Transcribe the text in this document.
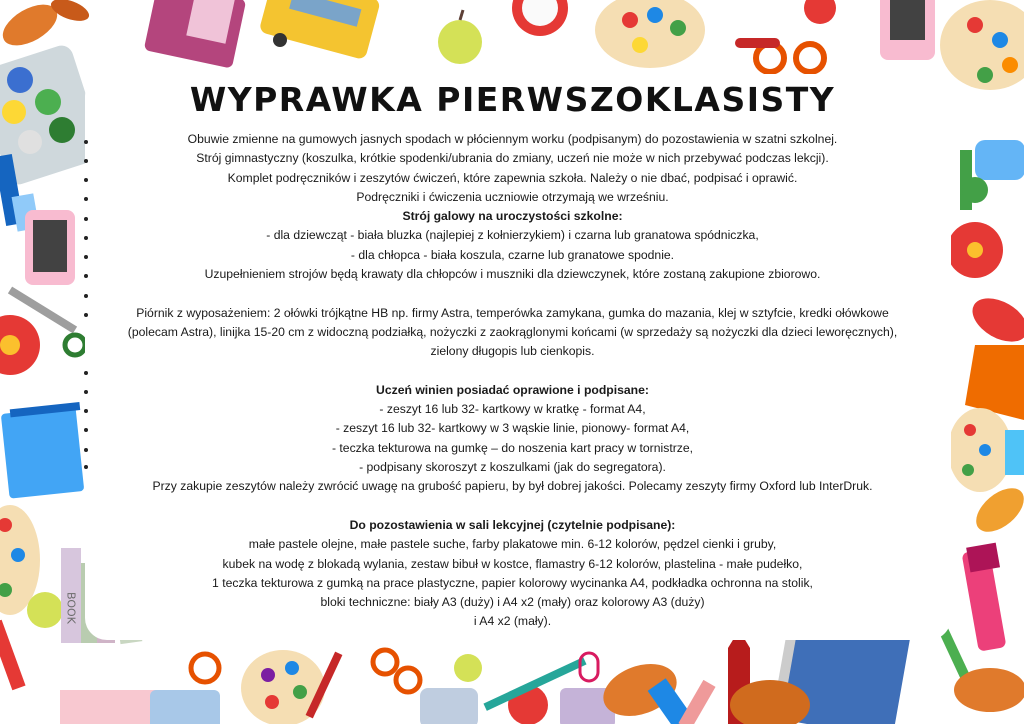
BOOK
WYPRAWKA PIERWSZOKLASISTY

Obuwie zmienne na gumowych jasnych spodach w płóciennym worku (podpisanym) do pozostawienia w szatni szkolnej.

Strój gimnastyczny (koszulka, krótkie spodenki/ubrania do zmiany, uczeń nie może w nich przebywać podczas lekcji).

Komplet podręczników i zeszytów ćwiczeń, które zapewnia szkoła. Należy o nie dbać, podpisać i oprawić.

Podręczniki i ćwiczenia uczniowie otrzymają we wrześniu.

Strój galowy na uroczystości szkolne:

- dla dziewcząt - biała bluzka (najlepiej z kołnierzykiem) i czarna lub granatowa spódniczka,

- dla chłopca - biała koszula, czarne lub granatowe spodnie.

Uzupełnieniem strojów będą krawaty dla chłopców i muszniki dla dziewczynek, które zostaną zakupione zbiorowo.

Piórnik z wyposażeniem: 2 ołówki trójkątne HB np. firmy Astra, temperówka zamykana, gumka do mazania, klej w sztyfcie, kredki ołówkowe

(polecam Astra), linijka 15-20 cm z widoczną podziałką, nożyczki z zaokrąglonymi końcami (w sprzedaży są nożyczki dla dzieci leworęcznych),

zielony długopis lub cienkopis.

Uczeń winien posiadać oprawione i podpisane:

- zeszyt 16 lub 32- kartkowy w kratkę - format A4,

- zeszyt 16 lub 32- kartkowy w 3 wąskie linie, pionowy- format A4,

- teczka tekturowa na gumkę – do noszenia kart pracy w tornistrze,

- podpisany skoroszyt z koszulkami (jak do segregatora).

Przy zakupie zeszytów należy zwrócić uwagę na grubość papieru, by był dobrej jakości. Polecamy zeszyty firmy Oxford lub InterDruk.

Do pozostawienia w sali lekcyjnej (czytelnie podpisane):

małe pastele olejne, małe pastele suche, farby plakatowe min. 6-12 kolorów, pędzel cienki i gruby,

kubek na wodę z blokadą wylania, zestaw bibuł w kostce, flamastry 6-12 kolorów, plastelina - małe pudełko,

1 teczka tekturowa z gumką na prace plastyczne, papier kolorowy wycinanka A4, podkładka ochronna na stolik,

bloki techniczne: biały A3 (duży) i A4 x2 (mały) oraz kolorowy A3 (duży)

i A4 x2 (mały).
